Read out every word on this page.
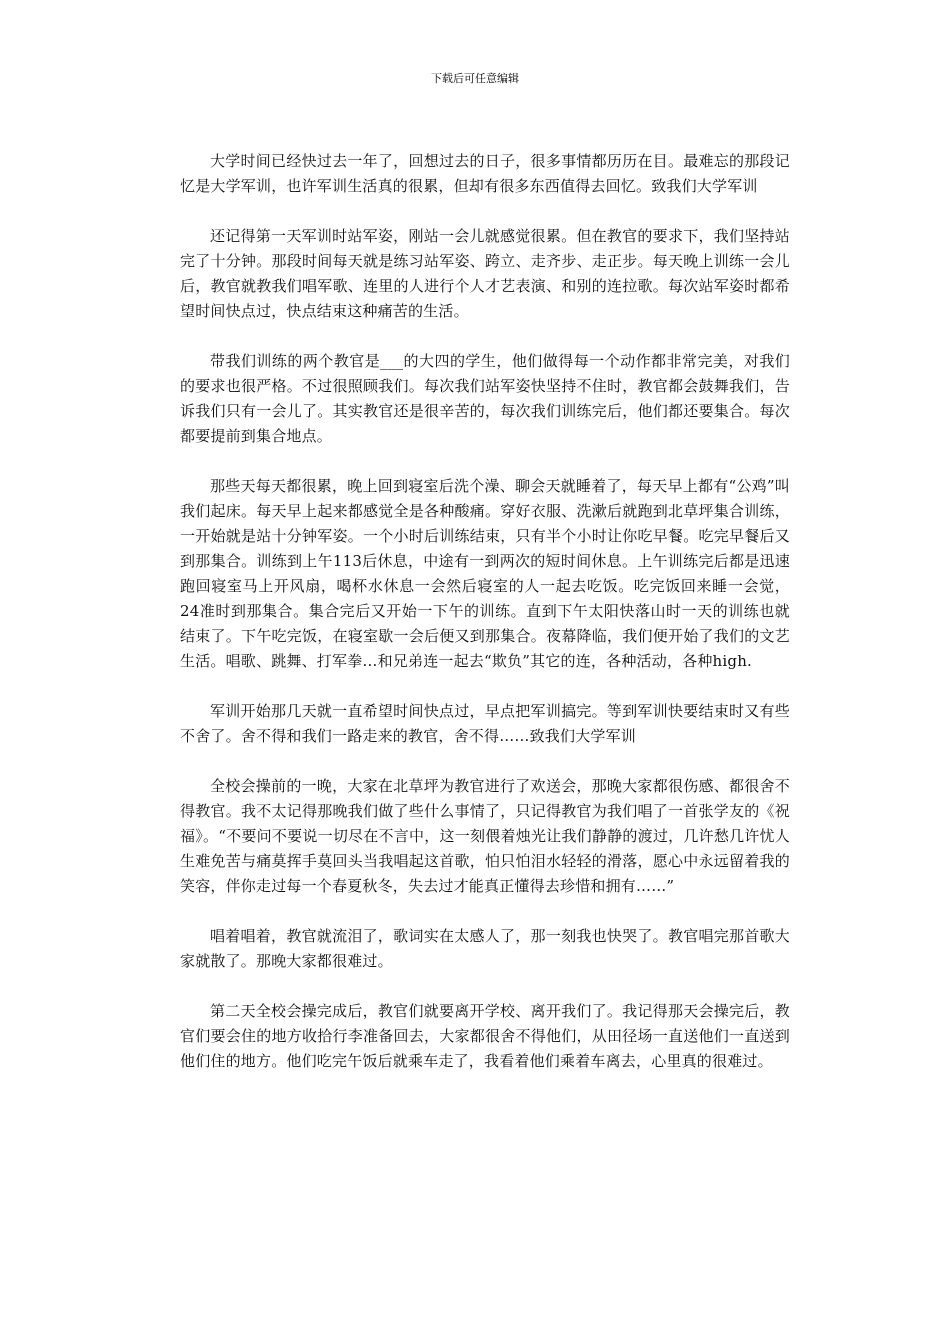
下载后可任意编辑

大学时间已经快过去一年了，回想过去的日子，很多事情都历历在目。最难忘的那段记忆是大学军训，也许军训生活真的很累，但却有很多东西值得去回忆。致我们大学军训

还记得第一天军训时站军姿，刚站一会儿就感觉很累。但在教官的要求下，我们坚持站完了十分钟。那段时间每天就是练习站军姿、跨立、走齐步、走正步。每天晚上训练一会儿后，教官就教我们唱军歌、连里的人进行个人才艺表演、和别的连拉歌。每次站军姿时都希望时间快点过，快点结束这种痛苦的生活。

带我们训练的两个教官是___的大四的学生，他们做得每一个动作都非常完美，对我们的要求也很严格。不过很照顾我们。每次我们站军姿快坚持不住时，教官都会鼓舞我们，告诉我们只有一会儿了。其实教官还是很辛苦的，每次我们训练完后，他们都还要集合。每次都要提前到集合地点。

那些天每天都很累，晚上回到寝室后洗个澡、聊会天就睡着了，每天早上都有“公鸡”叫我们起床。每天早上起来都感觉全是各种酸痛。穿好衣服、洗漱后就跑到北草坪集合训练，一开始就是站十分钟军姿。一个小时后训练结束，只有半个小时让你吃早餐。吃完早餐后又到那集合。训练到上午113后休息，中途有一到两次的短时间休息。上午训练完后都是迅速跑回寝室马上开风扇，喝杯水休息一会然后寝室的人一起去吃饭。吃完饭回来睡一会觉，24准时到那集合。集合完后又开始一下午的训练。直到下午太阳快落山时一天的训练也就结束了。下午吃完饭，在寝室歇一会后便又到那集合。夜幕降临，我们便开始了我们的文艺生活。唱歌、跳舞、打军拳…和兄弟连一起去“欺负”其它的连，各种活动，各种high.

军训开始那几天就一直希望时间快点过，早点把军训搞完。等到军训快要结束时又有些不舍了。舍不得和我们一路走来的教官，舍不得……致我们大学军训

全校会操前的一晚，大家在北草坪为教官进行了欢送会，那晚大家都很伤感、都很舍不得教官。我不太记得那晚我们做了些什么事情了，只记得教官为我们唱了一首张学友的《祝福》。“不要问不要说一切尽在不言中，这一刻偎着烛光让我们静静的渡过，几许愁几许忧人生难免苦与痛莫挥手莫回头当我唱起这首歌，怕只怕泪水轻轻的滑落，愿心中永远留着我的笑容，伴你走过每一个春夏秋冬，失去过才能真正懂得去珍惜和拥有……”

唱着唱着，教官就流泪了，歌词实在太感人了，那一刻我也快哭了。教官唱完那首歌大家就散了。那晚大家都很难过。

第二天全校会操完成后，教官们就要离开学校、离开我们了。我记得那天会操完后，教官们要会住的地方收拾行李准备回去，大家都很舍不得他们，从田径场一直送他们一直送到他们住的地方。他们吃完午饭后就乘车走了，我看着他们乘着车离去，心里真的很难过。
